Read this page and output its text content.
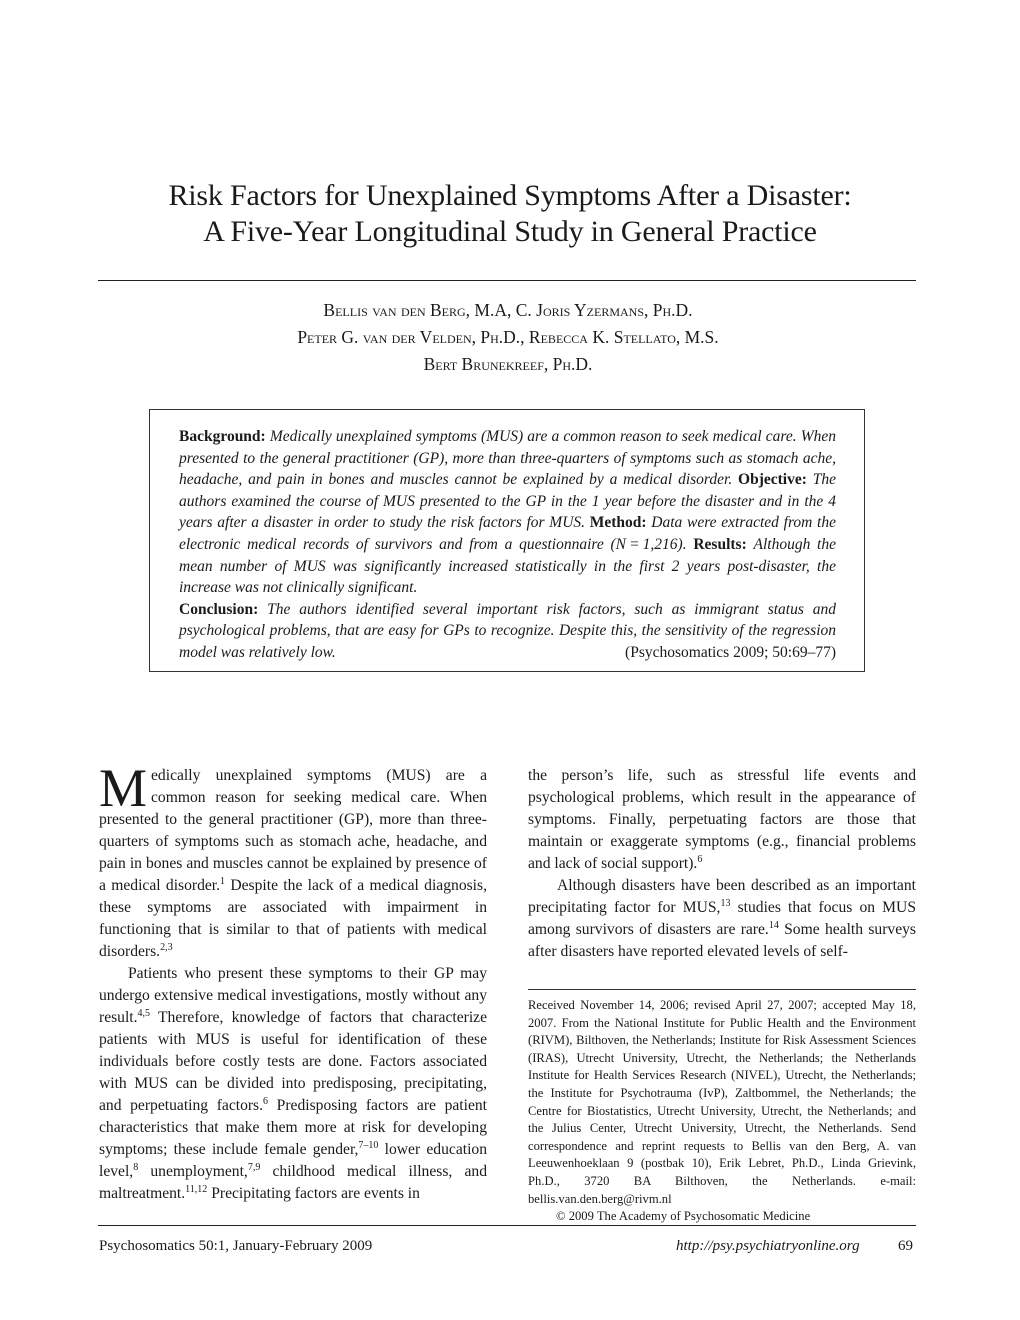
Risk Factors for Unexplained Symptoms After a Disaster:
A Five-Year Longitudinal Study in General Practice
Bellis van den Berg, M.A, C. Joris Yzermans, Ph.D.
Peter G. van der Velden, Ph.D., Rebecca K. Stellato, M.S.
Bert Brunekreef, Ph.D.

Background: Medically unexplained symptoms (MUS) are a common reason to seek medical care. When presented to the general practitioner (GP), more than three-quarters of symptoms such as stomach ache, headache, and pain in bones and muscles cannot be explained by a medical disorder. Objective: The authors examined the course of MUS presented to the GP in the 1 year before the disaster and in the 4 years after a disaster in order to study the risk factors for MUS. Method: Data were extracted from the electronic medical records of survivors and from a questionnaire (N = 1,216). Results: Although the mean number of MUS was significantly increased statistically in the first 2 years post-disaster, the increase was not clinically significant.
Conclusion: The authors identified several important risk factors, such as immigrant status and psychological problems, that are easy for GPs to recognize. Despite this, the sensitivity of the regression model was relatively low.	(Psychosomatics 2009; 50:69–77)

Medically unexplained symptoms (MUS) are a common reason for seeking medical care. When presented to the general practitioner (GP), more than three-quarters of symptoms such as stomach ache, headache, and pain in bones and muscles cannot be explained by presence of a medical disorder.$^1$ Despite the lack of a medical diagnosis, these symptoms are associated with impairment in functioning that is similar to that of patients with medical disorders.$^{2,3}$

Patients who present these symptoms to their GP may undergo extensive medical investigations, mostly without any result.$^{4,5}$ Therefore, knowledge of factors that characterize patients with MUS is useful for identification of these individuals before costly tests are done. Factors associated with MUS can be divided into predisposing, precipitating, and perpetuating factors.$^6$ Predisposing factors are patient characteristics that make them more at risk for developing symptoms; these include female gender,$^{7-10}$ lower education level,$^8$ unemployment,$^{7,9}$ childhood medical illness, and maltreatment.$^{11,12}$ Precipitating factors are events in

the person’s life, such as stressful life events and psychological problems, which result in the appearance of symptoms. Finally, perpetuating factors are those that maintain or exaggerate symptoms (e.g., financial problems and lack of social support).$^6$

Although disasters have been described as an important precipitating factor for MUS,$^{13}$ studies that focus on MUS among survivors of disasters are rare.$^{14}$ Some health surveys after disasters have reported elevated levels of self-

Received November 14, 2006; revised April 27, 2007; accepted May 18, 2007. From the National Institute for Public Health and the Environment (RIVM), Bilthoven, the Netherlands; Institute for Risk Assessment Sciences (IRAS), Utrecht University, Utrecht, the Netherlands; the Netherlands Institute for Health Services Research (NIVEL), Utrecht, the Netherlands; the Institute for Psychotrauma (IvP), Zaltbommel, the Netherlands; the Centre for Biostatistics, Utrecht University, Utrecht, the Netherlands; and the Julius Center, Utrecht University, Utrecht, the Netherlands. Send correspondence and reprint requests to Bellis van den Berg, A. van Leeuwenhoeklaan 9 (postbak 10), Erik Lebret, Ph.D., Linda Grievink, Ph.D., 3720 BA Bilthoven, the Netherlands. e-mail: bellis.van.den.berg@rivm.nl

© 2009 The Academy of Psychosomatic Medicine

Psychosomatics 50:1, January-February 2009	http://psy.psychiatryonline.org	69
